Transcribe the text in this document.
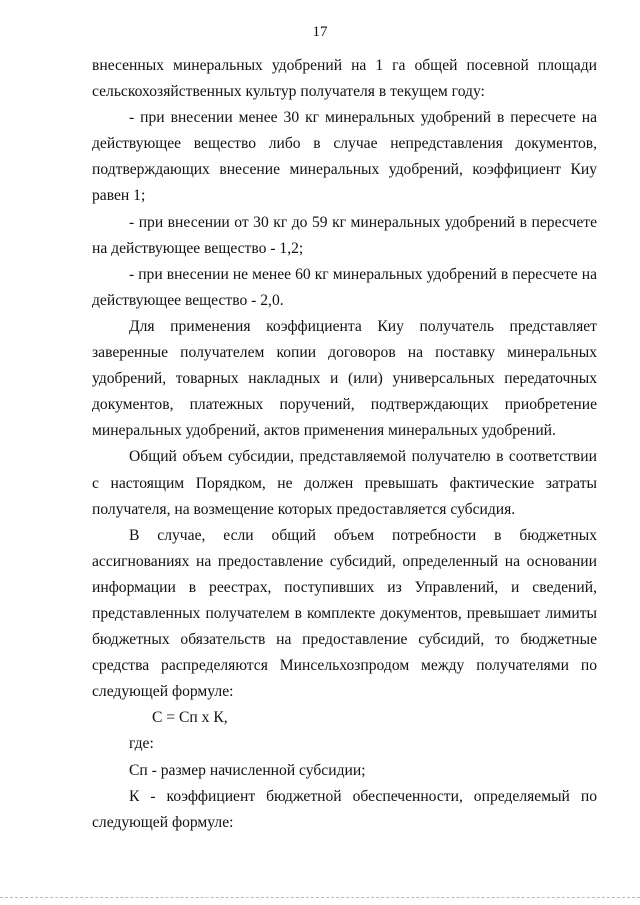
17

внесенных минеральных удобрений на 1 га общей посевной площади сельскохозяйственных культур получателя в текущем году:

- при внесении менее 30 кг минеральных удобрений в пересчете на действующее вещество либо в случае непредставления документов, подтверждающих внесение минеральных удобрений, коэффициент Киу равен 1;

- при внесении от 30 кг до 59 кг минеральных удобрений в пересчете на действующее вещество - 1,2;

- при внесении не менее 60 кг минеральных удобрений в пересчете на действующее вещество - 2,0.

Для применения коэффициента Киу получатель представляет заверенные получателем копии договоров на поставку минеральных удобрений, товарных накладных и (или) универсальных передаточных документов, платежных поручений, подтверждающих приобретение минеральных удобрений, актов применения минеральных удобрений.

Общий объем субсидии, представляемой получателю в соответствии с настоящим Порядком, не должен превышать фактические затраты получателя, на возмещение которых предоставляется субсидия.

В случае, если общий объем потребности в бюджетных ассигнованиях на предоставление субсидий, определенный на основании информации в реестрах, поступивших из Управлений, и сведений, представленных получателем в комплекте документов, превышает лимиты бюджетных обязательств на предоставление субсидий, то бюджетные средства распределяются Минсельхозпродом между получателями по следующей формуле:

С = Сп х К,

где:

Сп - размер начисленной субсидии;

К - коэффициент бюджетной обеспеченности, определяемый по следующей формуле:
